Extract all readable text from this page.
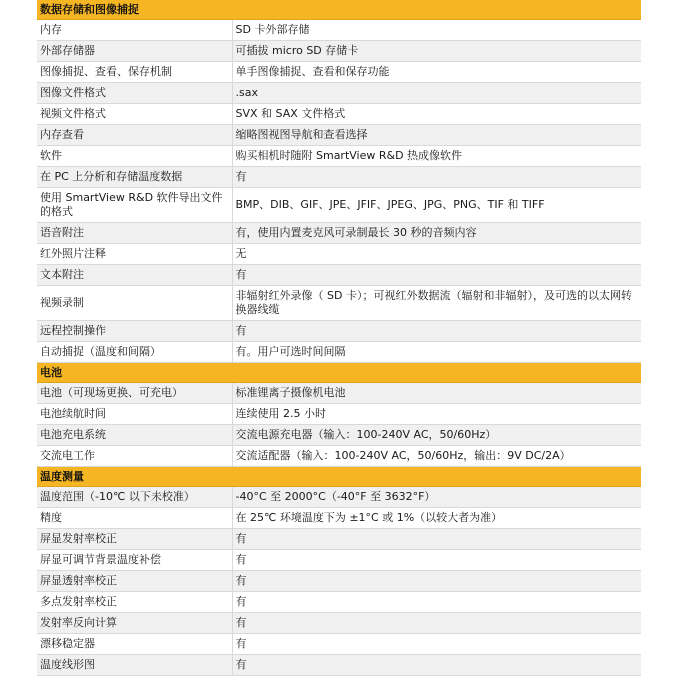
数据存储和图像捕捉	
内存	SD 卡外部存储
外部存储器	可插拔 micro SD 存储卡
图像捕捉、查看、保存机制	单手图像捕捉、查看和保存功能
图像文件格式	.sax
视频文件格式	SVX 和 SAX 文件格式
内存查看	缩略图视图导航和查看选择
软件	购买相机时随附 SmartView R&D 热成像软件
在 PC 上分析和存储温度数据	有
使用 SmartView R&D 软件导出文件的格式	BMP、DIB、GIF、JPE、JFIF、JPEG、JPG、PNG、TIF 和 TIFF
语音附注	有，使用内置麦克风可录制最长 30 秒的音频内容
红外照片注释	无
文本附注	有
视频录制	非辐射红外录像（ SD 卡）；可视红外数据流（辐射和非辐射），及可选的以太网转换器线缆
远程控制操作	有
自动捕捉（温度和间隔）	有。用户可选时间间隔
电池	
电池（可现场更换、可充电）	标准锂离子摄像机电池
电池续航时间	连续使用 2.5 小时
电池充电系统	交流电源充电器（输入：100-240V AC，50/60Hz）
交流电工作	交流适配器（输入：100-240V AC，50/60Hz，输出：9V DC/2A）
温度测量	
温度范围（-10℃ 以下未校准）	-40°C 至 2000°C（-40°F 至 3632°F）
精度	在 25℃ 环境温度下为 ±1°C 或 1%（以较大者为准）
屏显发射率校正	有
屏显可调节背景温度补偿	有
屏显透射率校正	有
多点发射率校正	有
发射率反向计算	有
漂移稳定器	有
温度线形图	有
